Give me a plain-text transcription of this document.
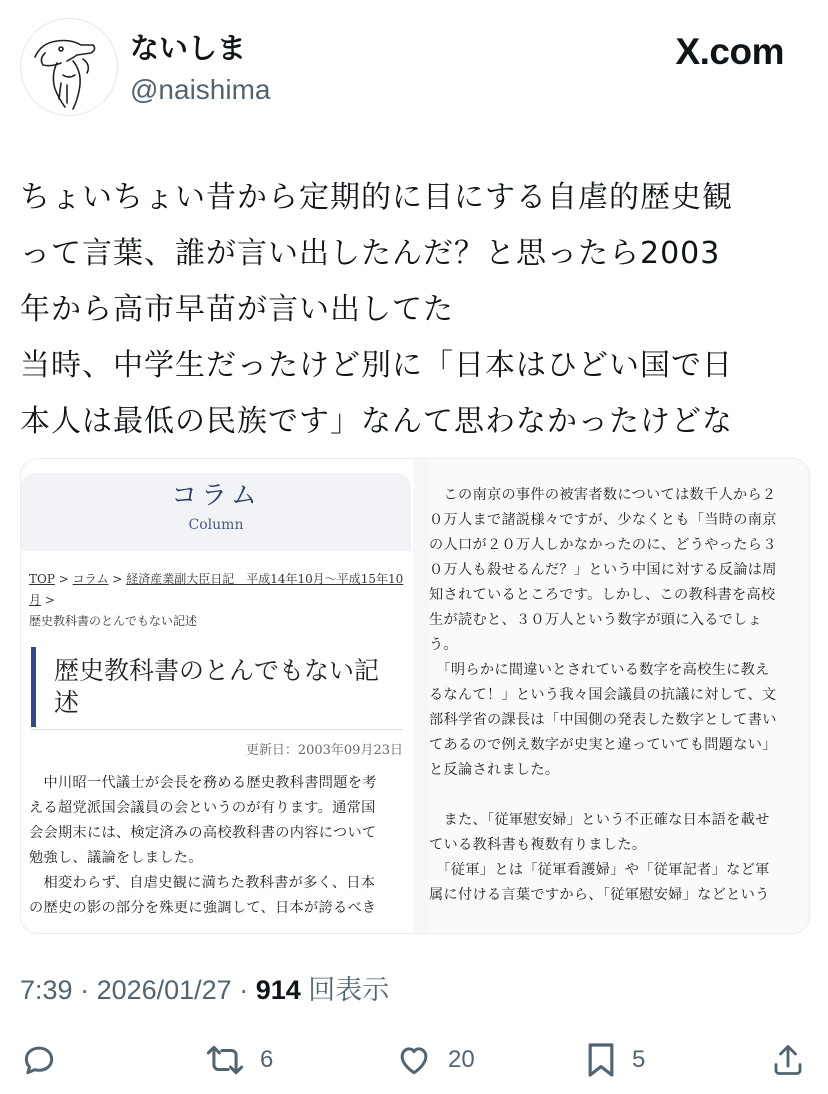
ないしま
@naishima
X.com
ちょいちょい昔から定期的に目にする自虐的歴史観
って言葉、誰が言い出したんだ？と思ったら2003
年から高市早苗が言い出してた
当時、中学生だったけど別に「日本はひどい国で日
本人は最低の民族です」なんて思わなかったけどな
コラム
Column
TOP > コラム > 経済産業副大臣日記　平成14年10月～平成15年10月 >
歴史教科書のとんでもない記述
歴史教科書のとんでもない記述
更新日：2003年09月23日
　中川昭一代議士が会長を務める歴史教科書問題を考
える超党派国会議員の会というのが有ります。通常国
会会期末には、検定済みの高校教科書の内容について
勉強し、議論をしました。
　相変わらず、自虐史観に満ちた教科書が多く、日本
の歴史の影の部分を殊更に強調して、日本が誇るべき
　この南京の事件の被害者数については数千人から２
０万人まで諸説様々ですが、少なくとも「当時の南京
の人口が２０万人しかなかったのに、どうやったら３
０万人も殺せるんだ？」という中国に対する反論は周
知されているところです。しかし、この教科書を高校
生が読むと、３０万人という数字が頭に入るでしょ
う。
　「明らかに間違いとされている数字を高校生に教え
るなんて！」という我々国会議員の抗議に対して、文
部科学省の課長は「中国側の発表した数字として書い
てあるので例え数字が史実と違っていても問題ない」
と反論されました。

　また、「従軍慰安婦」という不正確な日本語を載せ
ている教科書も複数有りました。
　「従軍」とは「従軍看護婦」や「従軍記者」など軍
属に付ける言葉ですから、「従軍慰安婦」などという
7:39 · 2026/01/27 · 914 回表示
6	20	5
